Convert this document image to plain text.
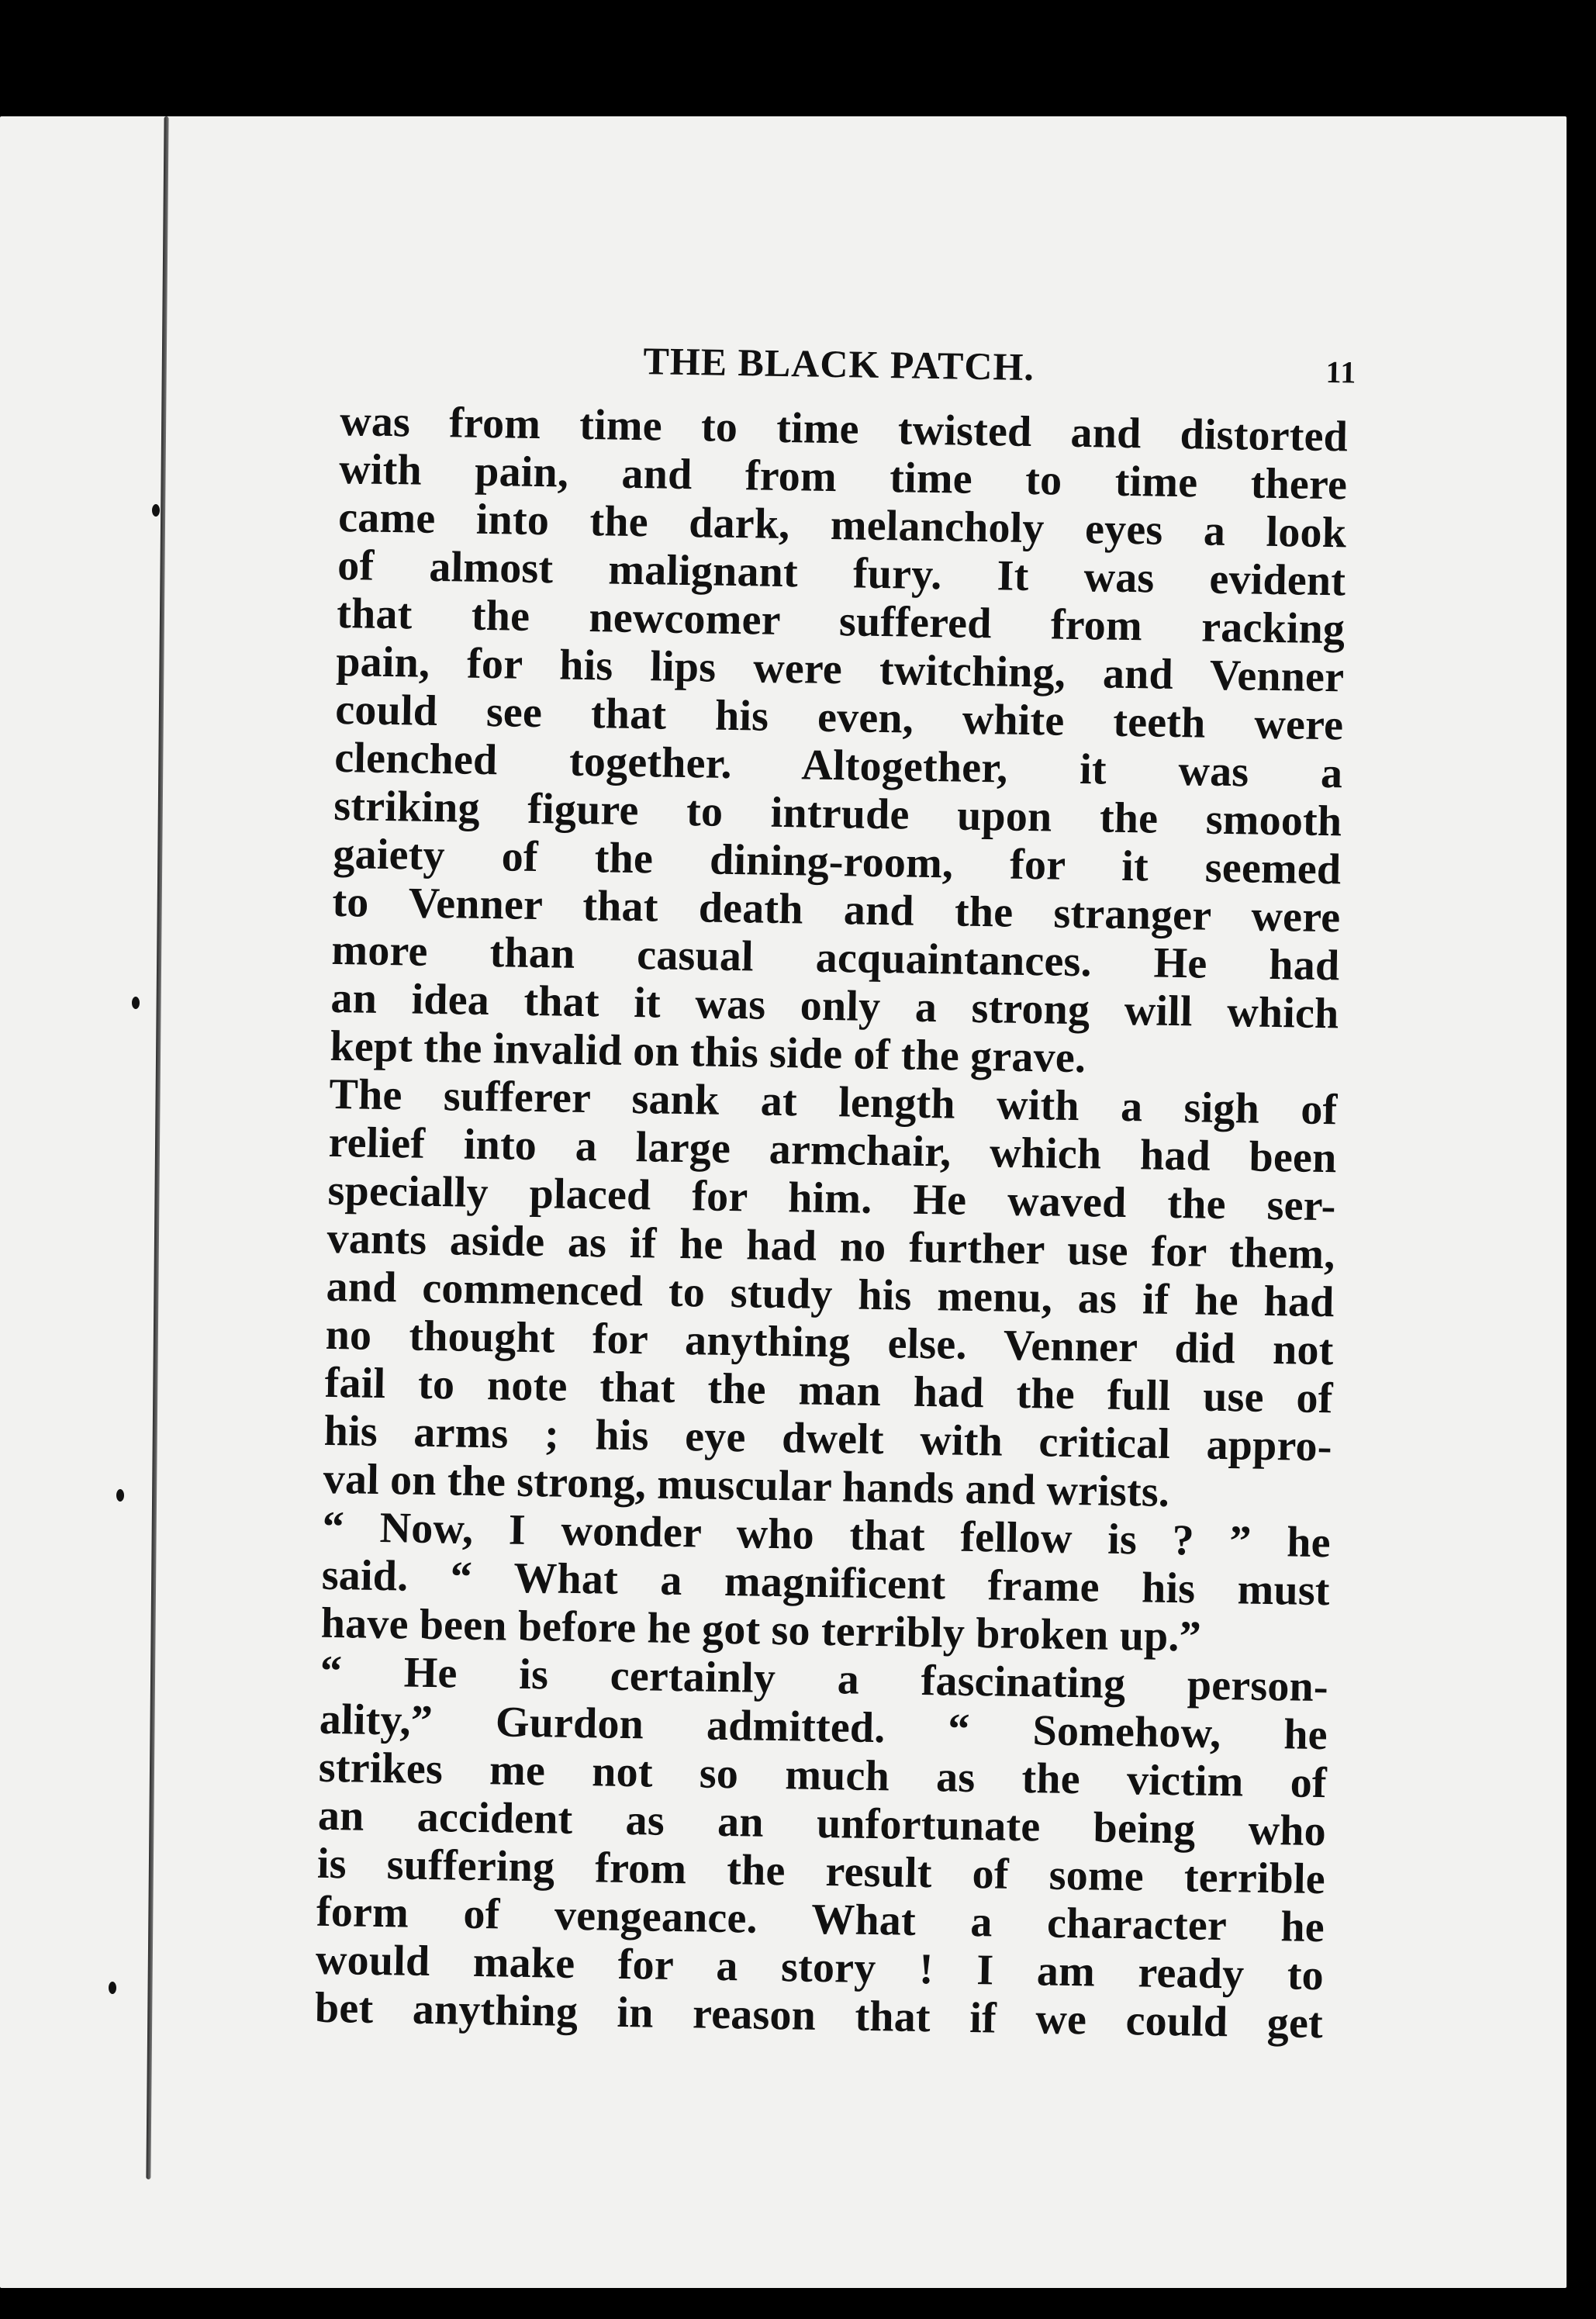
THE BLACK PATCH.	11
was from time to time twisted and distorted
with pain, and from time to time there
came into the dark, melancholy eyes a look
of almost malignant fury. It was evident
that the newcomer suffered from racking
pain, for his lips were twitching, and Venner
could see that his even, white teeth were
clenched together. Altogether, it was a
striking figure to intrude upon the smooth
gaiety of the dining-room, for it seemed
to Venner that death and the stranger were
more than casual acquaintances. He had
an idea that it was only a strong will which
kept the invalid on this side of the grave.
The sufferer sank at length with a sigh of
relief into a large armchair, which had been
specially placed for him. He waved the ser-
vants aside as if he had no further use for them,
and commenced to study his menu, as if he had
no thought for anything else. Venner did not
fail to note that the man had the full use of
his arms ; his eye dwelt with critical appro-
val on the strong, muscular hands and wrists.
“ Now, I wonder who that fellow is ? ” he
said. “ What a magnificent frame his must
have been before he got so terribly broken up.”
“ He is certainly a fascinating person-
ality,” Gurdon admitted. “ Somehow, he
strikes me not so much as the victim of
an accident as an unfortunate being who
is suffering from the result of some terrible
form of vengeance. What a character he
would make for a story ! I am ready to
bet anything in reason that if we could get
